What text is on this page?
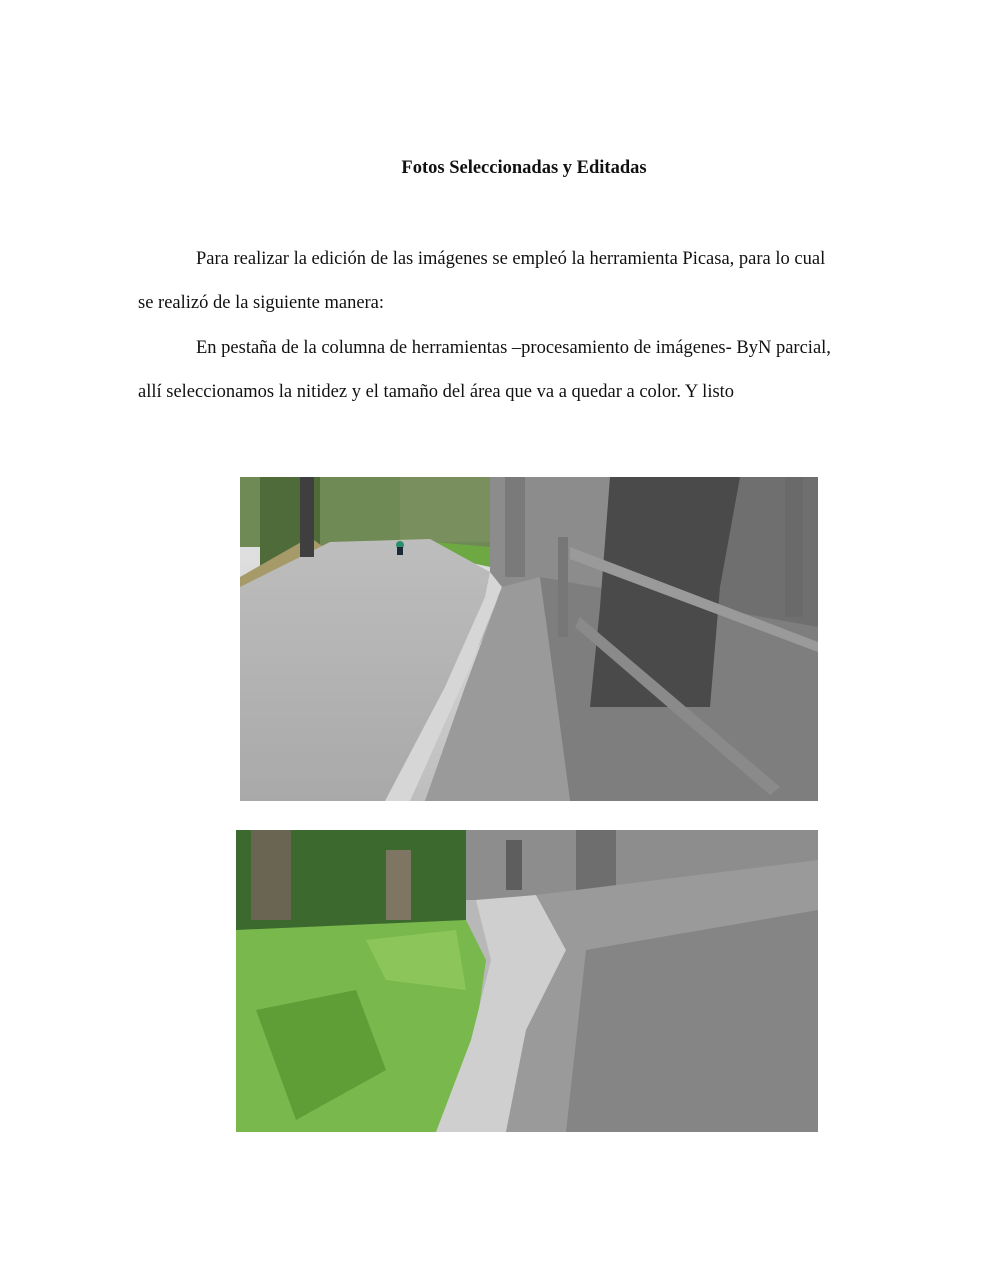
Fotos Seleccionadas y Editadas

Para realizar la edición de las imágenes se empleó la herramienta Picasa, para lo cual se realizó de la siguiente manera:

En pestaña de la columna de herramientas –procesamiento de imágenes- ByN parcial, allí seleccionamos la nitidez y el tamaño del área que va a quedar a color. Y listo
